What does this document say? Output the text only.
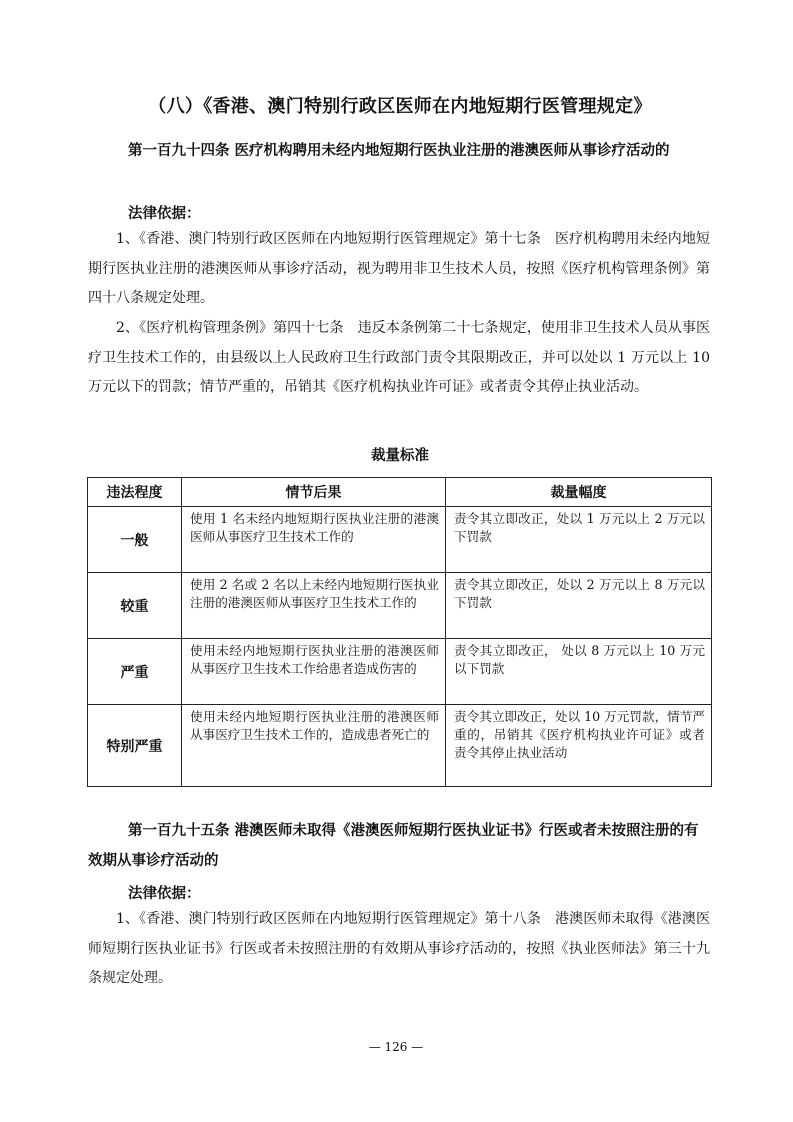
（八）《香港、澳门特别行政区医师在内地短期行医管理规定》
第一百九十四条 医疗机构聘用未经内地短期行医执业注册的港澳医师从事诊疗活动的
法律依据：
1、《香港、澳门特别行政区医师在内地短期行医管理规定》第十七条　医疗机构聘用未经内地短期行医执业注册的港澳医师从事诊疗活动，视为聘用非卫生技术人员，按照《医疗机构管理条例》第四十八条规定处理。
2、《医疗机构管理条例》第四十七条　违反本条例第二十七条规定，使用非卫生技术人员从事医疗卫生技术工作的，由县级以上人民政府卫生行政部门责令其限期改正，并可以处以 1 万元以上 10 万元以下的罚款；情节严重的，吊销其《医疗机构执业许可证》或者责令其停止执业活动。
裁量标准
违法程度	情节后果	裁量幅度
一般	使用 1 名未经内地短期行医执业注册的港澳医师从事医疗卫生技术工作的	责令其立即改正，处以 1 万元以上 2 万元以下罚款
较重	使用 2 名或 2 名以上未经内地短期行医执业注册的港澳医师从事医疗卫生技术工作的	责令其立即改正，处以 2 万元以上 8 万元以下罚款
严重	使用未经内地短期行医执业注册的港澳医师从事医疗卫生技术工作给患者造成伤害的	责令其立即改正， 处以 8 万元以上 10 万元以下罚款
特别严重	使用未经内地短期行医执业注册的港澳医师从事医疗卫生技术工作的，造成患者死亡的	责令其立即改正，处以 10 万元罚款，情节严重的，吊销其《医疗机构执业许可证》或者责令其停止执业活动
第一百九十五条 港澳医师未取得《港澳医师短期行医执业证书》行医或者未按照注册的有效期从事诊疗活动的
法律依据：
1、《香港、澳门特别行政区医师在内地短期行医管理规定》第十八条　港澳医师未取得《港澳医师短期行医执业证书》行医或者未按照注册的有效期从事诊疗活动的，按照《执业医师法》第三十九条规定处理。
— 126 —
